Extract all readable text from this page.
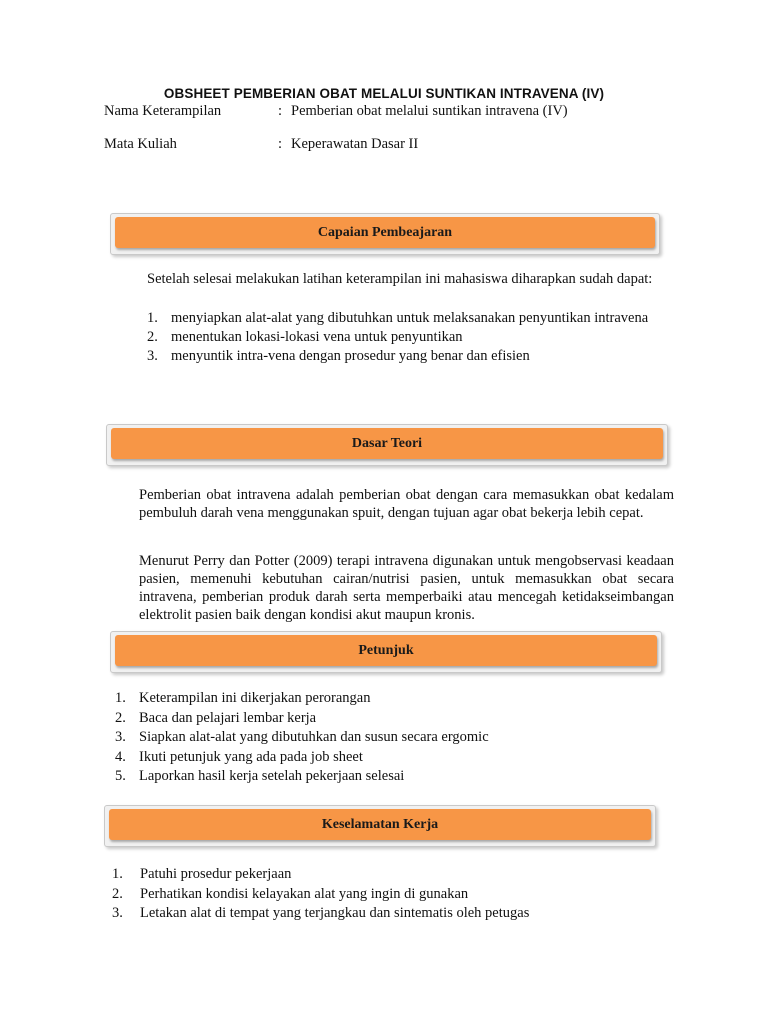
OBSHEET PEMBERIAN OBAT MELALUI SUNTIKAN INTRAVENA (IV)
Nama Keterampilan	: Pemberian obat melalui suntikan intravena (IV)
Mata Kuliah	: Keperawatan Dasar II
Capaian Pembeajaran

Setelah selesai melakukan latihan keterampilan ini mahasiswa diharapkan sudah dapat:

1. menyiapkan alat-alat yang dibutuhkan untuk melaksanakan penyuntikan intravena
2. menentukan lokasi-lokasi vena untuk penyuntikan
3. menyuntik intra-vena dengan prosedur yang benar dan efisien
Dasar Teori

Pemberian obat intravena adalah pemberian obat dengan cara memasukkan obat kedalam pembuluh darah vena menggunakan spuit, dengan tujuan agar obat bekerja lebih cepat.

Menurut Perry dan Potter (2009) terapi intravena digunakan untuk mengobservasi keadaan pasien, memenuhi kebutuhan cairan/nutrisi pasien, untuk memasukkan obat secara intravena, pemberian produk darah serta memperbaiki atau mencegah ketidakseimbangan elektrolit pasien baik dengan kondisi akut maupun kronis.

Petunjuk
1. Keterampilan ini dikerjakan perorangan
2. Baca dan pelajari lembar kerja
3. Siapkan alat-alat yang dibutuhkan dan susun secara ergomic
4. Ikuti petunjuk yang ada pada job sheet
5. Laporkan hasil kerja setelah pekerjaan selesai
Keselamatan Kerja
1. Patuhi prosedur pekerjaan
2. Perhatikan kondisi kelayakan alat yang ingin di gunakan
3. Letakan alat di tempat yang terjangkau dan sintematis oleh petugas
